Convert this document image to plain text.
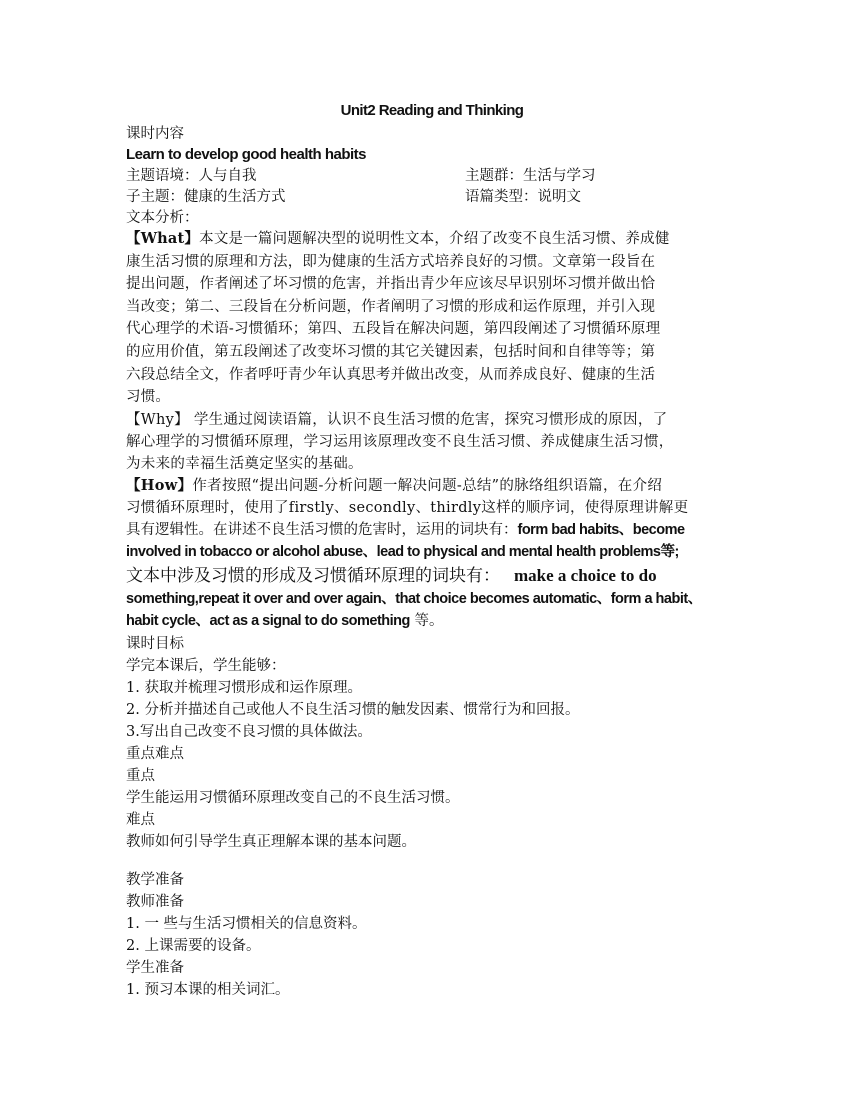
Unit2 Reading and Thinking
课时内容
Learn to develop good health habits
主题语境：人与自我	主题群：生活与学习
子主题：健康的生活方式	语篇类型：说明文
文本分析：
【What】本文是一篇问题解决型的说明性文本，介绍了改变不良生活习惯、养成健
康生活习惯的原理和方法，即为健康的生活方式培养良好的习惯。文章第一段旨在
提出问题，作者阐述了坏习惯的危害，并指出青少年应该尽早识别坏习惯并做出恰
当改变；第二、三段旨在分析问题，作者阐明了习惯的形成和运作原理，并引入现
代心理学的术语-习惯循环；第四、五段旨在解决问题，第四段阐述了习惯循环原理
的应用价值，第五段阐述了改变坏习惯的其它关键因素，包括时间和自律等等；第
六段总结全文，作者呼吁青少年认真思考并做出改变，从而养成良好、健康的生活
习惯。
【Why】 学生通过阅读语篇，认识不良生活习惯的危害，探究习惯形成的原因，了
解心理学的习惯循环原理，学习运用该原理改变不良生活习惯、养成健康生活习惯，
为未来的幸福生活奠定坚实的基础。
【How】作者按照“提出问题-分析问题一解决问题-总结”的脉络组织语篇，在介绍
习惯循环原理时，使用了firstly、secondly、thirdly这样的顺序词，使得原理讲解更
具有逻辑性。在讲述不良生活习惯的危害时，运用的词块有：form bad habits、become
involved in tobacco or alcohol abuse、lead to physical and mental health problems等;
文本中涉及习惯的形成及习惯循环原理的词块有： make a choice to do
something,repeat it over and over again、that choice becomes automatic、form a habit、
habit cycle、act as a signal to do something 等。
课时目标
学完本课后，学生能够：
1. 获取并梳理习惯形成和运作原理。
2. 分析并描述自己或他人不良生活习惯的触发因素、惯常行为和回报。
3.写出自己改变不良习惯的具体做法。
重点难点
重点
学生能运用习惯循环原理改变自己的不良生活习惯。
难点
教师如何引导学生真正理解本课的基本问题。
教学准备
教师准备
1. 一 些与生活习惯相关的信息资料。
2. 上课需要的设备。
学生准备
1. 预习本课的相关词汇。
